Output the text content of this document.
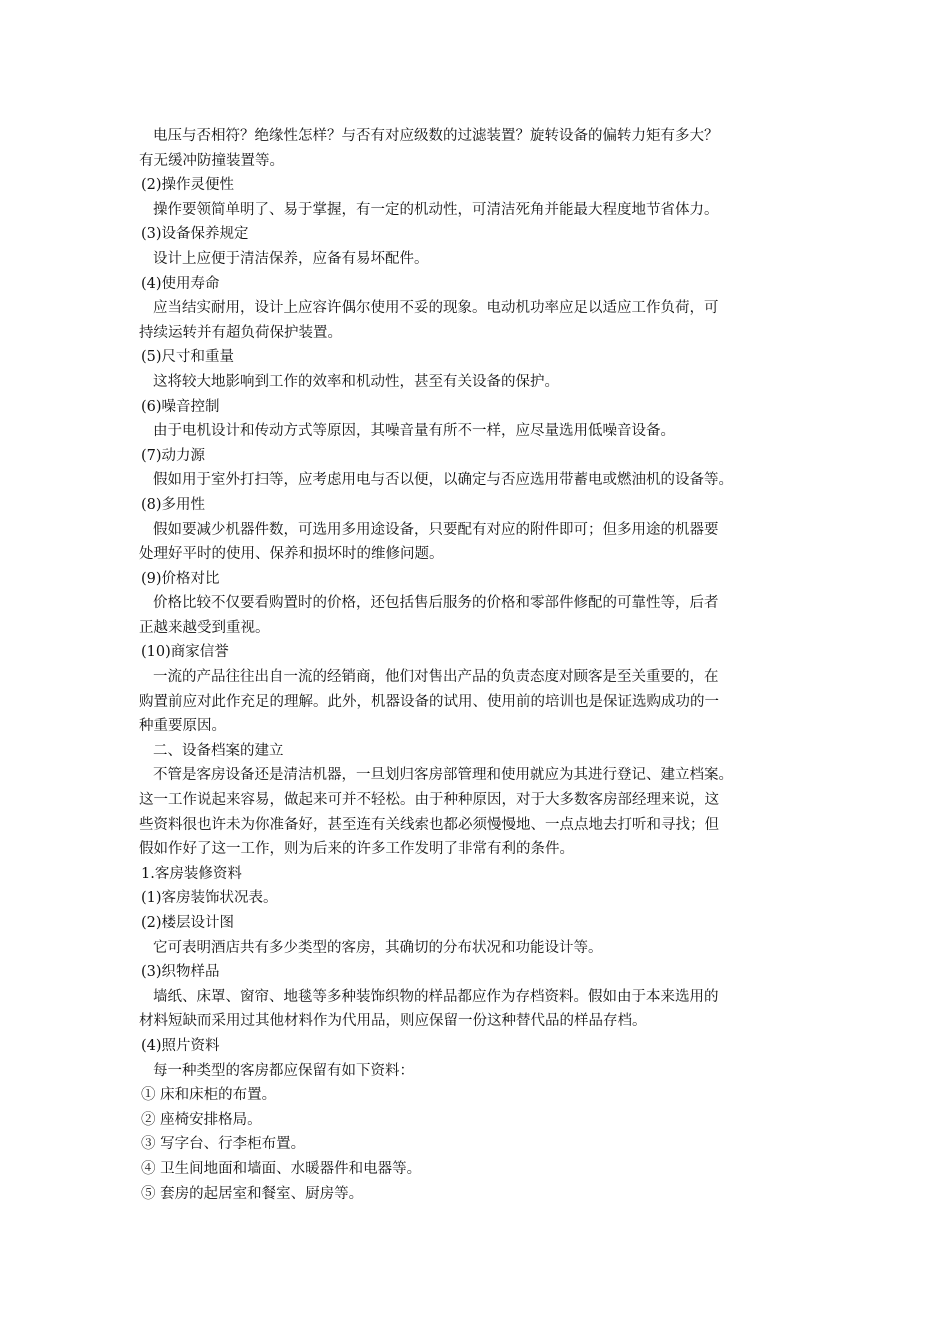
电压与否相符？绝缘性怎样？与否有对应级数的过滤装置？旋转设备的偏转力矩有多大？
有无缓冲防撞装置等。
(2)操作灵便性
操作要领简单明了、易于掌握，有一定的机动性，可清洁死角并能最大程度地节省体力。
(3)设备保养规定
设计上应便于清洁保养，应备有易坏配件。
(4)使用寿命
应当结实耐用，设计上应容许偶尔使用不妥的现象。电动机功率应足以适应工作负荷，可
持续运转并有超负荷保护装置。
(5)尺寸和重量
这将较大地影响到工作的效率和机动性，甚至有关设备的保护。
(6)噪音控制
由于电机设计和传动方式等原因，其噪音量有所不一样，应尽量选用低噪音设备。
(7)动力源
假如用于室外打扫等，应考虑用电与否以便，以确定与否应选用带蓄电或燃油机的设备等。
(8)多用性
假如要减少机器件数，可选用多用途设备，只要配有对应的附件即可；但多用途的机器要
处理好平时的使用、保养和损坏时的维修问题。
(9)价格对比
价格比较不仅要看购置时的价格，还包括售后服务的价格和零部件修配的可靠性等，后者
正越来越受到重视。
(10)商家信誉
一流的产品往往出自一流的经销商，他们对售出产品的负责态度对顾客是至关重要的，在
购置前应对此作充足的理解。此外，机器设备的试用、使用前的培训也是保证选购成功的一
种重要原因。
二、设备档案的建立
不管是客房设备还是清洁机器，一旦划归客房部管理和使用就应为其进行登记、建立档案。
这一工作说起来容易，做起来可并不轻松。由于种种原因，对于大多数客房部经理来说，这
些资料很也许未为你准备好，甚至连有关线索也都必须慢慢地、一点点地去打听和寻找；但
假如作好了这一工作，则为后来的许多工作发明了非常有利的条件。
1.客房装修资料
(1)客房装饰状况表。
(2)楼层设计图
它可表明酒店共有多少类型的客房，其确切的分布状况和功能设计等。
(3)织物样品
墙纸、床罩、窗帘、地毯等多种装饰织物的样品都应作为存档资料。假如由于本来选用的
材料短缺而采用过其他材料作为代用品，则应保留一份这种替代品的样品存档。
(4)照片资料
每一种类型的客房都应保留有如下资料：
① 床和床柜的布置。
② 座椅安排格局。
③ 写字台、行李柜布置。
④ 卫生间地面和墙面、水暖器件和电器等。
⑤ 套房的起居室和餐室、厨房等。
